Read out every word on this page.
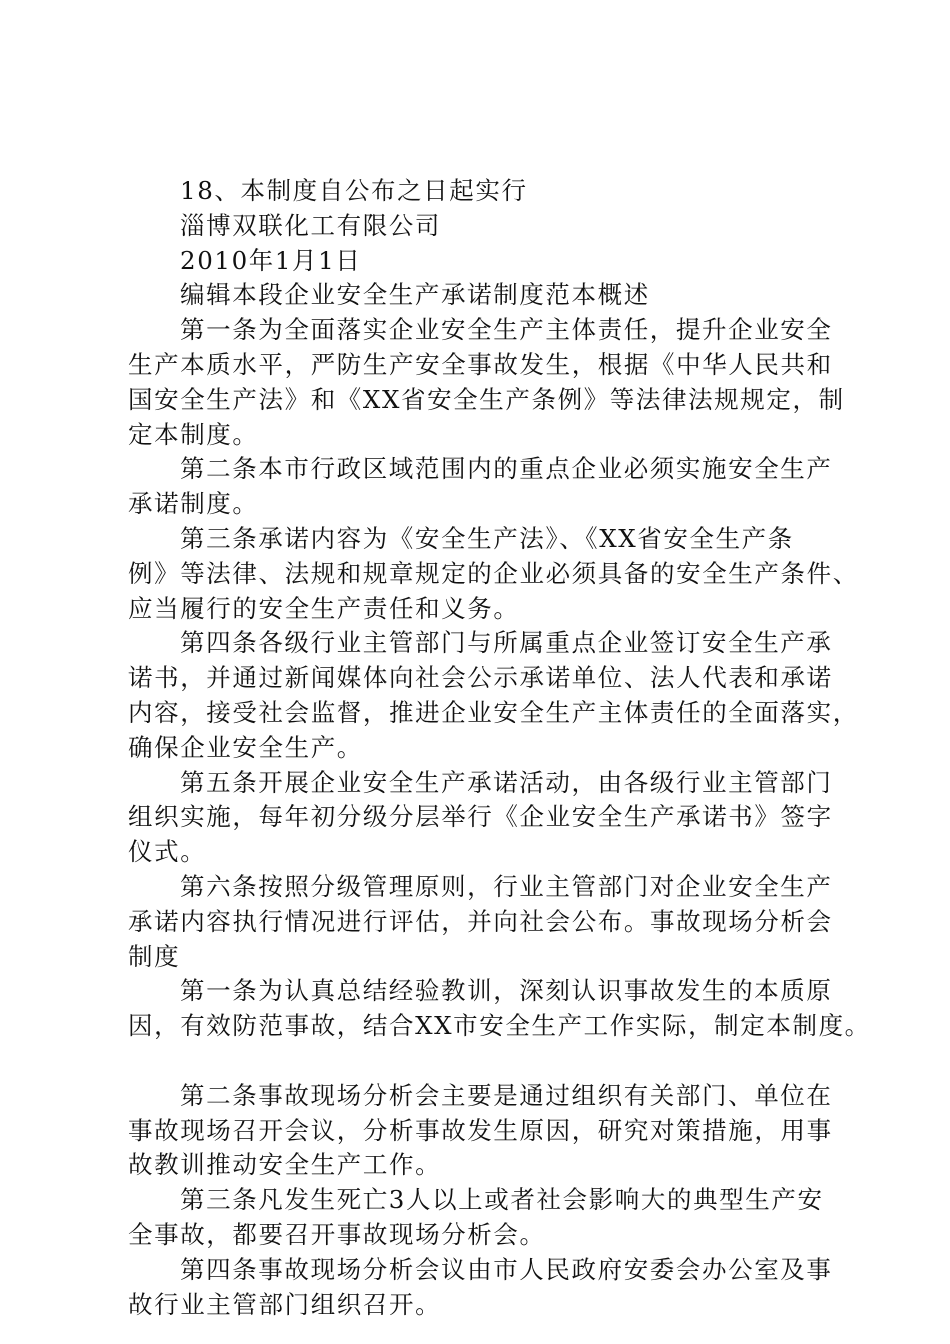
18、本制度自公布之日起实行
淄博双联化工有限公司
2010年1月1日
编辑本段企业安全生产承诺制度范本概述
第一条为全面落实企业安全生产主体责任，提升企业安全
生产本质水平，严防生产安全事故发生，根据《中华人民共和
国安全生产法》和《XX省安全生产条例》等法律法规规定，制
定本制度。
第二条本市行政区域范围内的重点企业必须实施安全生产
承诺制度。
第三条承诺内容为《安全生产法》、《XX省安全生产条
例》等法律、法规和规章规定的企业必须具备的安全生产条件、
应当履行的安全生产责任和义务。
第四条各级行业主管部门与所属重点企业签订安全生产承
诺书，并通过新闻媒体向社会公示承诺单位、法人代表和承诺
内容，接受社会监督，推进企业安全生产主体责任的全面落实，
确保企业安全生产。
第五条开展企业安全生产承诺活动，由各级行业主管部门
组织实施，每年初分级分层举行《企业安全生产承诺书》签字
仪式。
第六条按照分级管理原则，行业主管部门对企业安全生产
承诺内容执行情况进行评估，并向社会公布。事故现场分析会
制度
第一条为认真总结经验教训，深刻认识事故发生的本质原
因，有效防范事故，结合XX市安全生产工作实际，制定本制度。
第二条事故现场分析会主要是通过组织有关部门、单位在
事故现场召开会议，分析事故发生原因，研究对策措施，用事
故教训推动安全生产工作。
第三条凡发生死亡3人以上或者社会影响大的典型生产安
全事故，都要召开事故现场分析会。
第四条事故现场分析会议由市人民政府安委会办公室及事
故行业主管部门组织召开。
